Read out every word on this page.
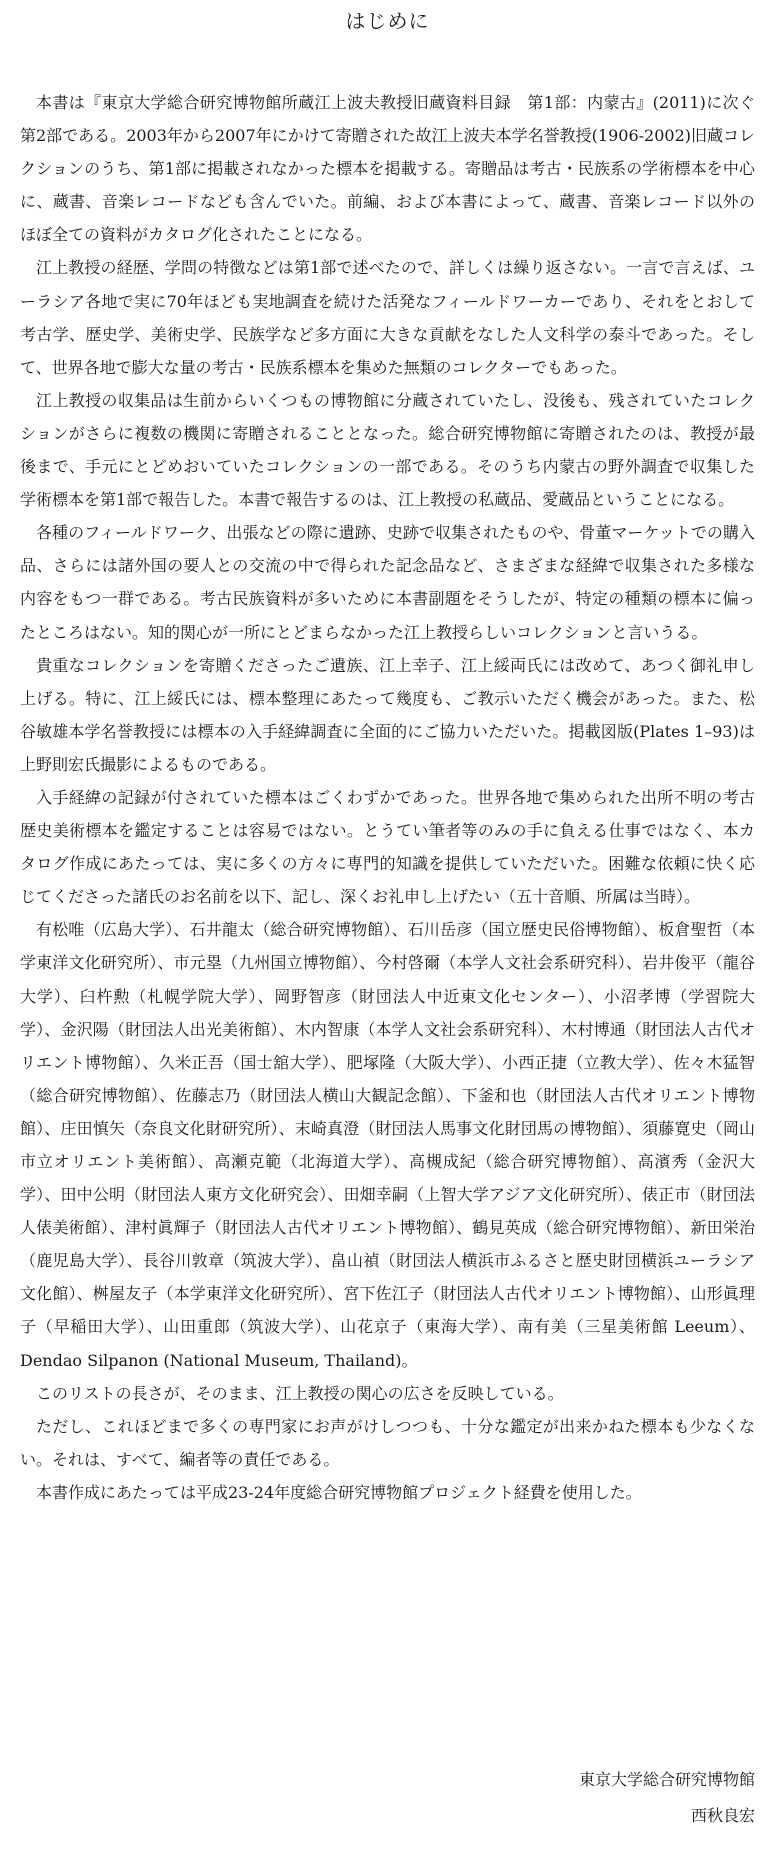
はじめに

本書は『東京大学総合研究博物館所蔵江上波夫教授旧蔵資料目録　第1部：内蒙古』(2011)に次ぐ第2部である。2003年から2007年にかけて寄贈された故江上波夫本学名誉教授(1906-2002)旧蔵コレクションのうち、第1部に掲載されなかった標本を掲載する。寄贈品は考古・民族系の学術標本を中心に、蔵書、音楽レコードなども含んでいた。前編、および本書によって、蔵書、音楽レコード以外のほぼ全ての資料がカタログ化されたことになる。

江上教授の経歴、学問の特徴などは第1部で述べたので、詳しくは繰り返さない。一言で言えば、ユーラシア各地で実に70年ほども実地調査を続けた活発なフィールドワーカーであり、それをとおして考古学、歴史学、美術史学、民族学など多方面に大きな貢献をなした人文科学の泰斗であった。そして、世界各地で膨大な量の考古・民族系標本を集めた無類のコレクターでもあった。

江上教授の収集品は生前からいくつもの博物館に分蔵されていたし、没後も、残されていたコレクションがさらに複数の機関に寄贈されることとなった。総合研究博物館に寄贈されたのは、教授が最後まで、手元にとどめおいていたコレクションの一部である。そのうち内蒙古の野外調査で収集した学術標本を第1部で報告した。本書で報告するのは、江上教授の私蔵品、愛蔵品ということになる。

各種のフィールドワーク、出張などの際に遺跡、史跡で収集されたものや、骨董マーケットでの購入品、さらには諸外国の要人との交流の中で得られた記念品など、さまざまな経緯で収集された多様な内容をもつ一群である。考古民族資料が多いために本書副題をそうしたが、特定の種類の標本に偏ったところはない。知的関心が一所にとどまらなかった江上教授らしいコレクションと言いうる。

貴重なコレクションを寄贈くださったご遺族、江上幸子、江上綏両氏には改めて、あつく御礼申し上げる。特に、江上綏氏には、標本整理にあたって幾度も、ご教示いただく機会があった。また、松谷敏雄本学名誉教授には標本の入手経緯調査に全面的にご協力いただいた。掲載図版(Plates 1–93)は上野則宏氏撮影によるものである。

入手経緯の記録が付されていた標本はごくわずかであった。世界各地で集められた出所不明の考古歴史美術標本を鑑定することは容易ではない。とうてい筆者等のみの手に負える仕事ではなく、本カタログ作成にあたっては、実に多くの方々に専門的知識を提供していただいた。困難な依頼に快く応じてくださった諸氏のお名前を以下、記し、深くお礼申し上げたい（五十音順、所属は当時）。

有松唯（広島大学）、石井龍太（総合研究博物館）、石川岳彦（国立歴史民俗博物館）、板倉聖哲（本学東洋文化研究所）、市元塁（九州国立博物館）、今村啓爾（本学人文社会系研究科）、岩井俊平（龍谷大学）、臼杵勲（札幌学院大学）、岡野智彦（財団法人中近東文化センター）、小沼孝博（学習院大学）、金沢陽（財団法人出光美術館）、木内智康（本学人文社会系研究科）、木村博通（財団法人古代オリエント博物館）、久米正吾（国士舘大学）、肥塚隆（大阪大学）、小西正捷（立教大学）、佐々木猛智（総合研究博物館）、佐藤志乃（財団法人横山大観記念館）、下釜和也（財団法人古代オリエント博物館）、庄田慎矢（奈良文化財研究所）、末崎真澄（財団法人馬事文化財団馬の博物館）、須藤寛史（岡山市立オリエント美術館）、高瀬克範（北海道大学）、高槻成紀（総合研究博物館）、高濱秀（金沢大学）、田中公明（財団法人東方文化研究会）、田畑幸嗣（上智大学アジア文化研究所）、俵正市（財団法人俵美術館）、津村眞輝子（財団法人古代オリエント博物館）、鶴見英成（総合研究博物館）、新田栄治（鹿児島大学）、長谷川敦章（筑波大学）、畠山禎（財団法人横浜市ふるさと歴史財団横浜ユーラシア文化館）、桝屋友子（本学東洋文化研究所）、宮下佐江子（財団法人古代オリエント博物館）、山形眞理子（早稲田大学）、山田重郎（筑波大学）、山花京子（東海大学）、南有美（三星美術館 Leeum）、Dendao Silpanon (National Museum, Thailand)。

このリストの長さが、そのまま、江上教授の関心の広さを反映している。

ただし、これほどまで多くの専門家にお声がけしつつも、十分な鑑定が出来かねた標本も少なくない。それは、すべて、編者等の責任である。

本書作成にあたっては平成23-24年度総合研究博物館プロジェクト経費を使用した。

東京大学総合研究博物館
西秋良宏
